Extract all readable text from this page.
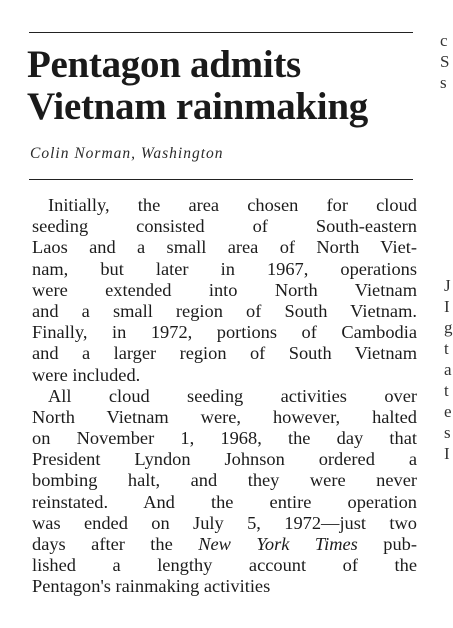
Pentagon admits
Vietnam rainmaking
Colin Norman, Washington
Initially, the area chosen for cloud
seeding consisted of South-eastern
Laos and a small area of North Viet-
nam, but later in 1967, operations
were extended into North Vietnam
and a small region of South Vietnam.
Finally, in 1972, portions of Cambodia
and a larger region of South Vietnam
were included.
All cloud seeding activities over
North Vietnam were, however, halted
on November 1, 1968, the day that
President Lyndon Johnson ordered a
bombing halt, and they were never
reinstated. And the entire operation
was ended on July 5, 1972—just two
days after the New York Times pub-
lished a lengthy account of the
Pentagon's rainmaking activities
c
S
s
J
I
g
t
a
t
e
s
I
